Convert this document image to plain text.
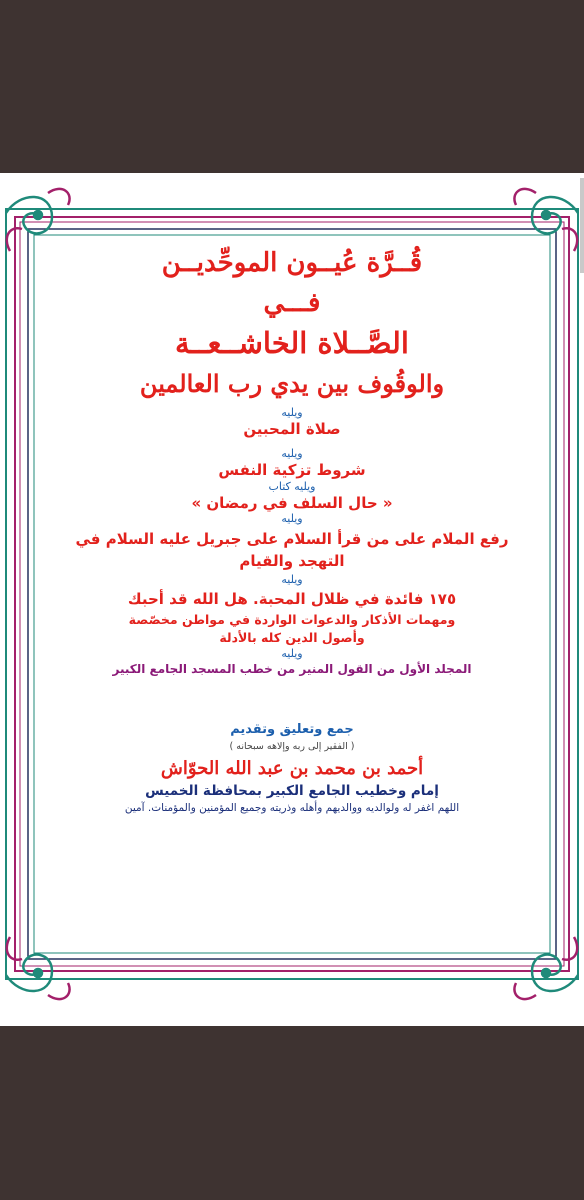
قُــرَّة عُيــون الموحِّديــن

فـــي

الصَّــلاة الخاشــعــة

والوقُوف بين يدي رب العالمين

ويليه

صلاة المحبين

ويليه

شروط تزكية النفس

ويليه كتاب

« حال السلف في رمضان »

ويليه

رفع الملام على من قرأ السلام على جبريل عليه السلام في

التهجد والقيام

ويليه

١٧٥ فائدة في ظلال المحبة. هل الله قد أحبك

ومهمات الأذكار والدعوات الواردة في مواطن مخصّصة

وأصول الدين كله بالأدلة

ويليه

المجلد الأول من القول المنير من خطب المسجد الجامع الكبير

جمع وتعليق وتقديم

( الفقير إلى ربه وإلاهه سبحانه )

أحمد بن محمد بن عبد الله الحوّاش

إمام وخطيب الجامع الكبير بمحافظة الخميس

اللهم اغفر له ولوالديه ووالديهم وأهله وذريته وجميع المؤمنين والمؤمنات. آمين
